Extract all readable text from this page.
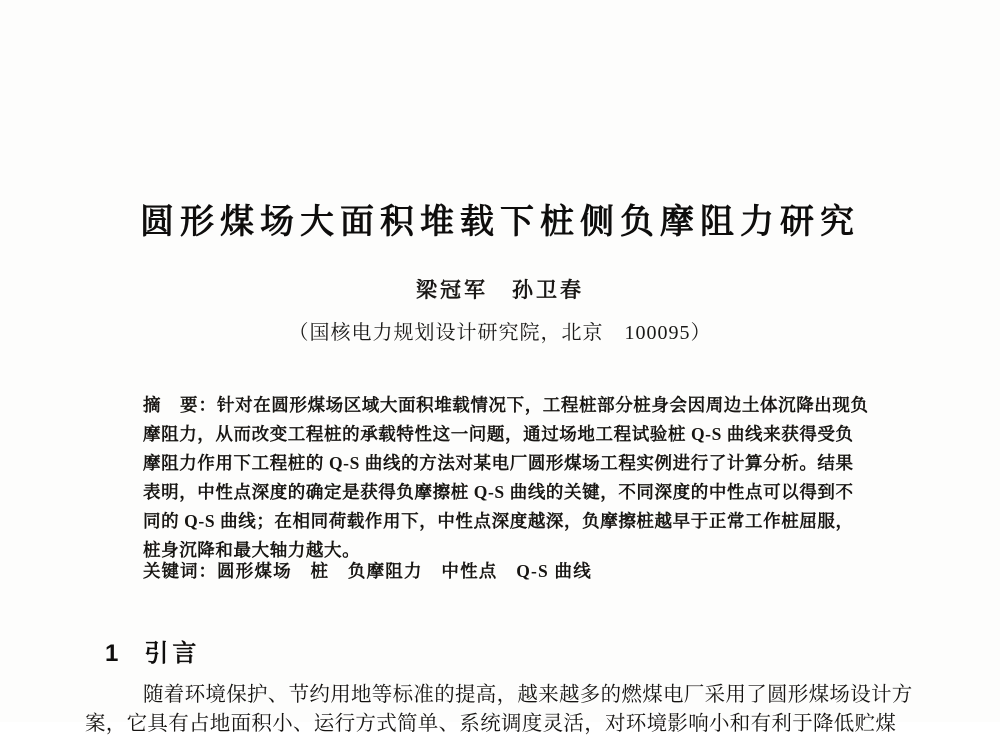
圆形煤场大面积堆载下桩侧负摩阻力研究
梁冠军　孙卫春
（国核电力规划设计研究院，北京　100095）
摘　要：针对在圆形煤场区域大面积堆载情况下，工程桩部分桩身会因周边土体沉降出现负
摩阻力，从而改变工程桩的承载特性这一问题，通过场地工程试验桩 Q-S 曲线来获得受负
摩阻力作用下工程桩的 Q-S 曲线的方法对某电厂圆形煤场工程实例进行了计算分析。结果
表明，中性点深度的确定是获得负摩擦桩 Q-S 曲线的关键，不同深度的中性点可以得到不
同的 Q-S 曲线；在相同荷载作用下，中性点深度越深，负摩擦桩越早于正常工作桩屈服，
桩身沉降和最大轴力越大。
关键词：圆形煤场　桩　负摩阻力　中性点　Q-S 曲线
1 引言
随着环境保护、节约用地等标准的提高，越来越多的燃煤电厂采用了圆形煤场设计方
案，它具有占地面积小、运行方式简单、系统调度灵活，对环境影响小和有利于降低贮煤
